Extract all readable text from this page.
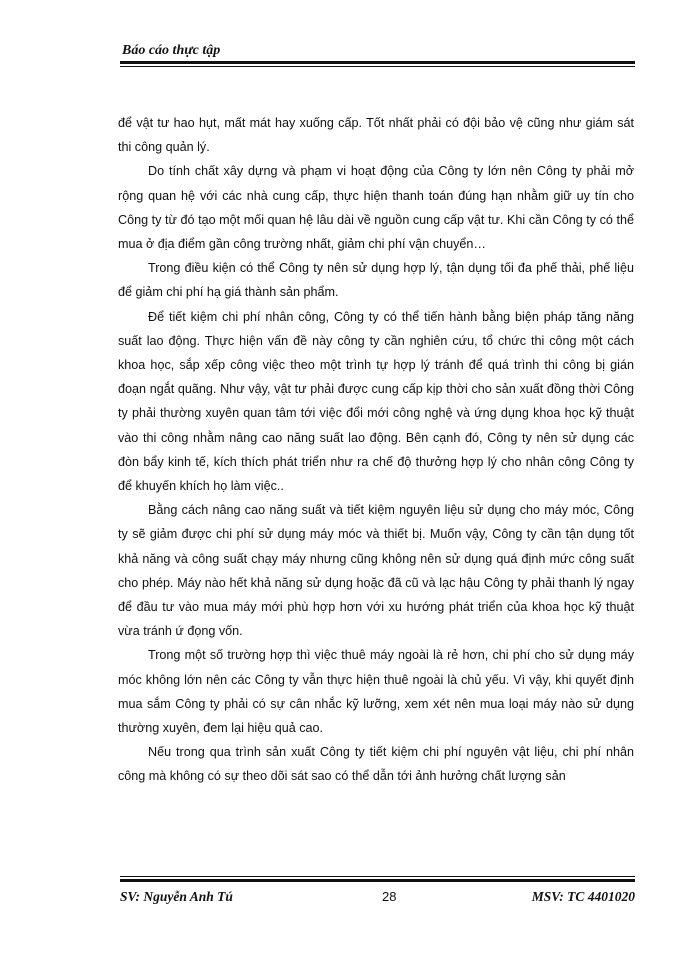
Báo cáo thực tập

để vật tư hao hụt, mất mát hay xuống cấp. Tốt nhất phải có đội bảo vệ cũng như giám sát thi công quản lý.

Do tính chất xây dựng và phạm vi hoạt động của Công ty lớn nên Công ty phải mở rộng quan hệ với các nhà cung cấp, thực hiện thanh toán đúng hạn nhằm giữ uy tín cho Công ty từ đó tạo một mối quan hệ lâu dài về nguồn cung cấp vật tư. Khi cần Công ty có thể mua ở địa điểm gần công trường nhất, giảm chi phí vận chuyển…

Trong điều kiện có thể Công ty nên sử dụng hợp lý, tận dụng tối đa phế thải, phế liệu để giảm chi phí hạ giá thành sản phẩm.

Để tiết kiệm chi phí nhân công, Công ty có thể tiến hành bằng biện pháp tăng năng suất lao động. Thực hiện vấn đề này công ty cần nghiên cứu, tổ chức thi công một cách khoa học, sắp xếp công việc theo một trình tự hợp lý tránh để quá trình thi công bị gián đoạn ngắt quãng. Như vậy, vật tư phải được cung cấp kịp thời cho sản xuất đồng thời Công ty phải thường xuyên quan tâm tới việc đổi mới công nghệ và ứng dụng khoa học kỹ thuật vào thi công nhằm nâng cao năng suất lao động. Bên cạnh đó, Công ty nên sử dụng các đòn bẩy kinh tế, kích thích phát triển như ra chế độ thưởng hợp lý cho nhân công Công ty để khuyến khích họ làm việc..

Bằng cách nâng cao năng suất và tiết kiệm nguyên liệu sử dụng cho máy móc, Công ty sẽ giảm được chi phí sử dụng máy móc và thiết bị. Muốn vậy, Công ty cần tận dụng tốt khả năng và công suất chạy máy nhưng cũng không nên sử dụng quá định mức công suất cho phép. Máy nào hết khả năng sử dụng hoặc đã cũ và lạc hậu Công ty phải thanh lý ngay để đầu tư vào mua máy mới phù hợp hơn với xu hướng phát triển của khoa học kỹ thuật vừa tránh ứ đọng vốn.

Trong một số trường hợp thì việc thuê máy ngoài là rẻ hơn, chi phí cho sử dụng máy móc không lớn nên các Công ty vẫn thực hiện thuê ngoài là chủ yếu. Vì vậy, khi quyết định mua sắm Công ty phải có sự cân nhắc kỹ lưỡng, xem xét nên mua loại máy nào sử dụng thường xuyên, đem lại hiệu quả cao.

Nếu trong qua trình sản xuất Công ty tiết kiệm chi phí nguyên vật liệu, chi phí nhân công mà không có sự theo dõi sát sao có thể dẫn tới ảnh hưởng chất lượng sản

SV: Nguyễn Anh Tú	28	MSV: TC 4401020
